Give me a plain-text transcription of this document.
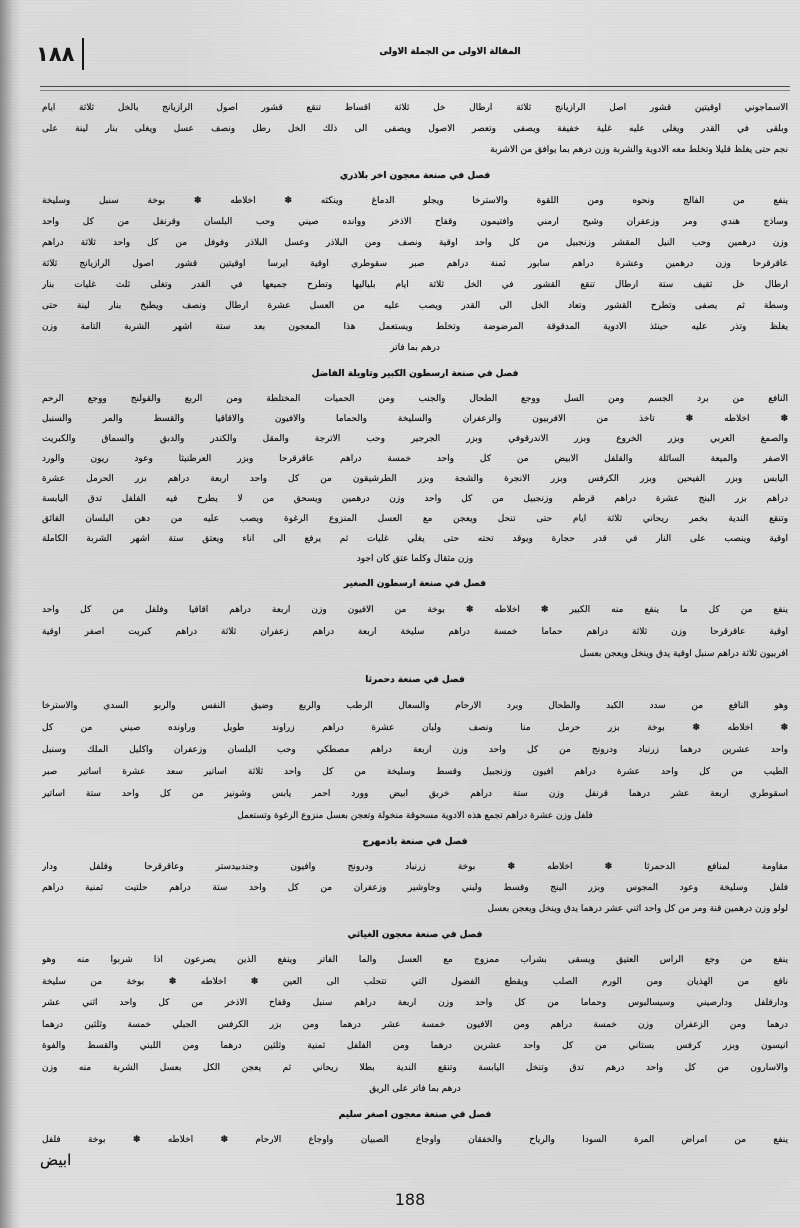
١٨٨	المقالة الاولى من الجملة الاولى
الاسماجوني اوقيتين قشور اصل الرازيانج ثلاثة ارطال خل ثلاثة اقساط تنقع قشور اصول الرازيانج بالخل ثلاثة ايام
وبلقى في القدر ويغلى عليه غلية خفيفة ويصفى وتعصر الاصول ويصفى الى ذلك الخل رطل ونصف عسل ويغلى بنار لينة على
نجم حتى يغلظ قليلا وتخلط معه الادوية والشربة وزن درهم بما يوافق من الاشربة
فصل في صنعة معجون اخر بلاذري
ينفع من الفالج ونحوه ومن اللقوة والاسترخا ويجلو الدماغ وينكثه ✽ اخلاطه ✽ بوخة سنبل وسليخة
وساذج هندي ومر وزعفران وشيح ارمني وافتيمون وقفاح الاذخر ووانده صيني وحب البلسان وقرنفل من كل واحد
وزن درهمين وحب النيل المقشر وزنجبيل من كل واحد اوقية ونصف ومن البلاذر وعسل البلاذر وفوفل من كل واحد ثلاثة دراهم
عاقرقرحا وزن درهمين وعشرة دراهم سابور ثمنة دراهم صبر سقوطري اوقية ايرسا اوقيتين قشور اصول الرازيانج ثلاثة
ارطال خل ثقيف ستة ارطال تنقع القشور في الخل ثلاثة ايام بلياليها وتطرح جميعها في القدر وتغلى ثلث غليات بنار
وسطة ثم يصفى وتطرح القشور وتعاد الخل الى القدر ويصب عليه من العسل عشرة ارطال ونصف ويطبخ بنار لينة حتى
يغلظ وتذر عليه حينئذ الادوية المدقوقة المرضوضة وتخلط ويستعمل هذا المعجون بعد ستة اشهر الشربة التامة وزن
درهم بما فاتر
فصل في صنعة ارسطون الكبير وتاويلة الفاضل
النافع من برد الجسم ومن السل ووجع الطحال والجنب ومن الحميات المختلطة ومن الربع والقولنج ووجع الرحم
✽ اخلاطه ✽ تاخذ من الافربيون والزعفران والسليخة والحماما والافيون والاقاقيا والقسط والمر والسنبل
والصمغ العربي وبزر الخروع وبزر الاندرقوفي وبزر الجرجير وحب الاترجة والمقل والكندر والدبق والسماق والكبريت
الاصفر والميعة السائلة والفلفل الابيض من كل واحد خمسة دراهم عاقرقرحا وبزر العرطنيثا وعود ريون والورد
اليابس وبزر الفيحين وبزر الكرفس وبزر الانجرة والشجة وبزر الطرشيقون من كل واحد اربعة دراهم بزر الحرمل عشرة
دراهم بزر البنج عشرة دراهم قرطم وزنجبيل من كل واحد وزن درهمين ويسحق من لا يطرح فيه الفلفل تدق اليابسة
وتنقع الندية بخمر ريحاني ثلاثة ايام حتى تنحل ويعجن مع العسل المنزوع الرغوة ويصب عليه من دهن البلسان الفائق
اوقية وينصب على النار في قدر حجارة ويوقد تحته حتى يغلي غليات ثم يرفع الى اناء ويعتق ستة اشهر الشربة الكاملة
وزن مثقال وكلما عتق كان اجود
فصل في صنعة ارسطون الصغير
ينفع من كل ما ينفع منه الكبير ✽ اخلاطه ✽ بوخة من الافيون وزن اربعة دراهم اقاقيا وفلفل من كل واحد
اوقية عاقرقرحا وزن ثلاثة دراهم حماما خمسة دراهم سليخة اربعة دراهم زعفران ثلاثة دراهم كبريت اصفر اوقية
افربيون ثلاثة دراهم سنبل اوقية يدق وينخل ويعجن بعسل
فصل في صنعة دحمرثا
وهو النافع من سدد الكبد والطحال وبرد الارحام والسعال الرطب والربع وضيق النفس والربو السدي والاسترخا
✽ اخلاطه ✽ بوخة بزر حرمل منا ونصف ولبان عشرة دراهم زراوند طويل وراونده صيني من كل
واحد عشرين درهما زرنباد ودرونج من كل واحد وزن اربعة دراهم مصطكي وحب البلسان وزعفران واكليل الملك وسنبل
الطيب من كل واحد عشرة دراهم افيون وزنجبيل وقسط وسليخة من كل واحد ثلاثة اساتير سعد عشرة اساتير صبر
اسقوطري اربعة عشر درهما قرنفل وزن ستة دراهم خربق ابيض وورد احمر يابس وشونيز من كل واحد ستة اساتير
فلفل وزن عشرة دراهم تجمع هذه الادوية مسحوقة منخولة وتعجن بعسل منزوع الرغوة وتستعمل
فصل في صنعة باذمهرج
مقاومة لمنافع الدحمرثا ✽ اخلاطه ✽ بوخة زرنباد ودرونج وافيون وجندبيدستر وعاقرقرحا وفلفل ودار
فلفل وسليخة وعود المجوس وبزر البنج وقسط ولبني وجاوشير وزعفران من كل واحد ستة دراهم حلتيت ثمنية دراهم
لولو وزن درهمين قنة ومر من كل واحد اثني عشر درهما يدق وينخل ويعجن بعسل
فصل في صنعة معجون الغياثي
ينفع من وجع الراس العتيق ويسقى بشراب ممزوج مع العسل والما الفاتر وينفع الذين يصرعون اذا شربوا منه وهو
نافع من الهذيان ومن الورم الصلب ويقطع الفضول التي تتحلب الى العين ✽ اخلاطه ✽ بوخة من سليخة
ودارفلفل ودارصيني وسيسالبوس وحماما من كل واحد وزن اربعة دراهم سنبل وقفاح الاذخر من كل واحد اثني عشر
درهما ومن الزعفران وزن خمسة دراهم ومن الافيون خمسة عشر درهما ومن بزر الكرفس الجبلي خمسة وثلثين درهما
انيسون وبزر كرفس بستاني من كل واحد عشرين درهما ومن الفلفل ثمنية وثلثين درهما ومن اللبني والقسط والفوة
والاسارون من كل واحد درهم تدق وتنخل اليابسة وتنقع الندية بطلا ريحاني ثم يعجن الكل بعسل الشربة منه وزن
درهم بما فاتر على الريق
فصل في صنعة معجون اصغر سليم
ينفع من امراض المرة السودا والرياح والخفقان واوجاع الصبيان واوجاع الارحام ✽ اخلاطه ✽ بوخة فلفل
ابيض
188
